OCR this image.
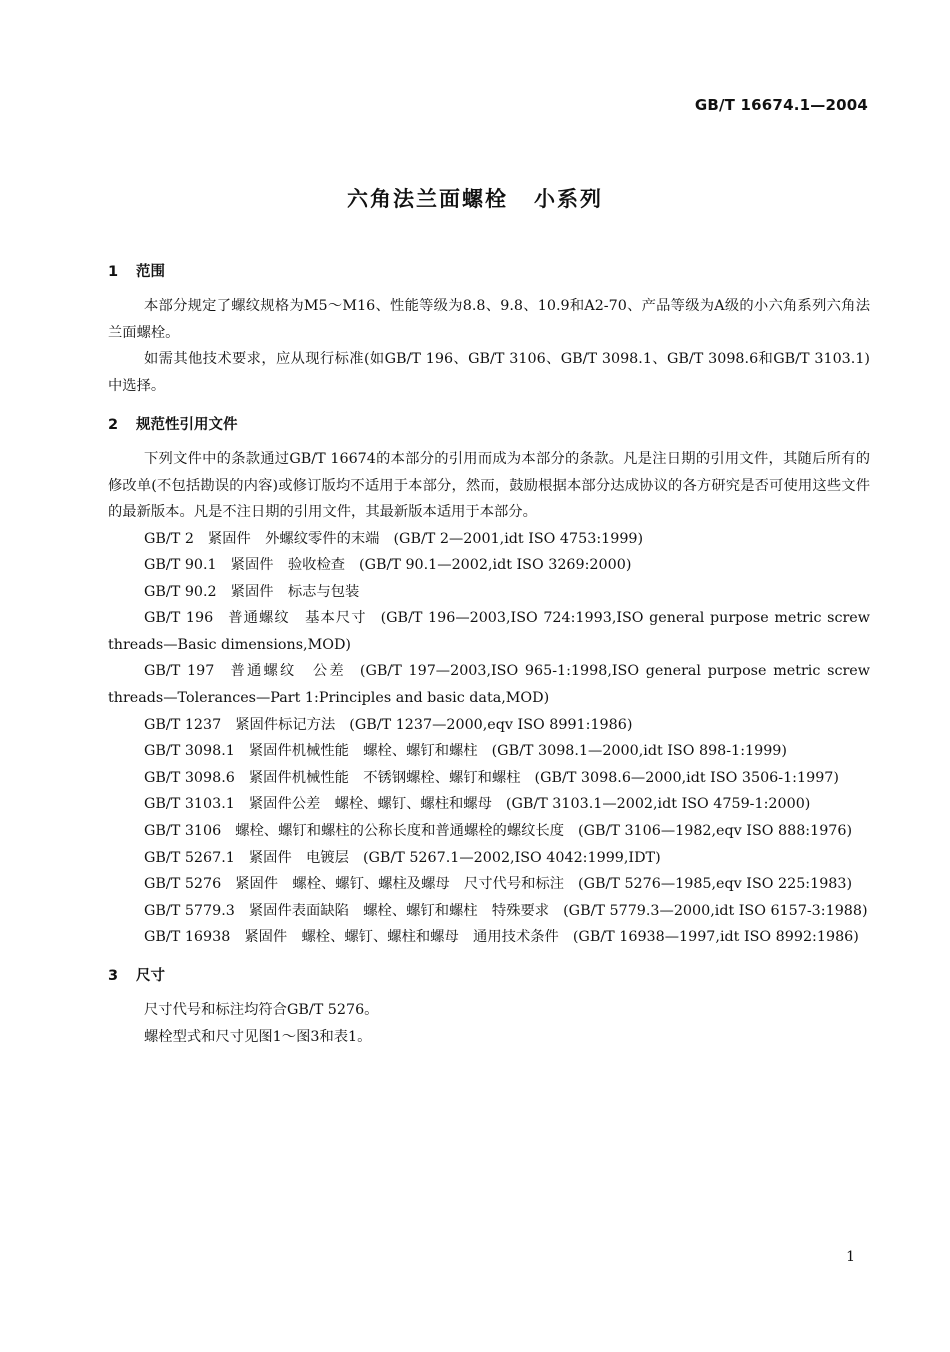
GB/T 16674.1—2004
六角法兰面螺栓 小系列
1 范围

本部分规定了螺纹规格为M5～M16、性能等级为8.8、9.8、10.9和A2-70、产品等级为A级的小六角系列六角法兰面螺栓。

如需其他技术要求，应从现行标准(如GB/T 196、GB/T 3106、GB/T 3098.1、GB/T 3098.6和GB/T 3103.1)中选择。

2 规范性引用文件

下列文件中的条款通过GB/T 16674的本部分的引用而成为本部分的条款。凡是注日期的引用文件，其随后所有的修改单(不包括勘误的内容)或修订版均不适用于本部分，然而，鼓励根据本部分达成协议的各方研究是否可使用这些文件的最新版本。凡是不注日期的引用文件，其最新版本适用于本部分。

GB/T 2 紧固件　外螺纹零件的末端 (GB/T 2—2001,idt ISO 4753:1999)

GB/T 90.1 紧固件　验收检查 (GB/T 90.1—2002,idt ISO 3269:2000)

GB/T 90.2 紧固件　标志与包装

GB/T 196 普通螺纹　基本尺寸 (GB/T 196—2003,ISO 724:1993,ISO general purpose metric screw threads—Basic dimensions,MOD)

GB/T 197 普通螺纹　公差 (GB/T 197—2003,ISO 965-1:1998,ISO general purpose metric screw threads—Tolerances—Part 1:Principles and basic data,MOD)

GB/T 1237 紧固件标记方法 (GB/T 1237—2000,eqv ISO 8991:1986)

GB/T 3098.1 紧固件机械性能　螺栓、螺钉和螺柱 (GB/T 3098.1—2000,idt ISO 898-1:1999)

GB/T 3098.6 紧固件机械性能　不锈钢螺栓、螺钉和螺柱 (GB/T 3098.6—2000,idt ISO 3506-1:1997)

GB/T 3103.1 紧固件公差　螺栓、螺钉、螺柱和螺母 (GB/T 3103.1—2002,idt ISO 4759-1:2000)

GB/T 3106 螺栓、螺钉和螺柱的公称长度和普通螺栓的螺纹长度 (GB/T 3106—1982,eqv ISO 888:1976)

GB/T 5267.1 紧固件　电镀层 (GB/T 5267.1—2002,ISO 4042:1999,IDT)

GB/T 5276 紧固件　螺栓、螺钉、螺柱及螺母　尺寸代号和标注 (GB/T 5276—1985,eqv ISO 225:1983)

GB/T 5779.3 紧固件表面缺陷　螺栓、螺钉和螺柱　特殊要求 (GB/T 5779.3—2000,idt ISO 6157-3:1988)

GB/T 16938 紧固件　螺栓、螺钉、螺柱和螺母　通用技术条件 (GB/T 16938—1997,idt ISO 8992:1986)

3 尺寸

尺寸代号和标注均符合GB/T 5276。

螺栓型式和尺寸见图1～图3和表1。

1
